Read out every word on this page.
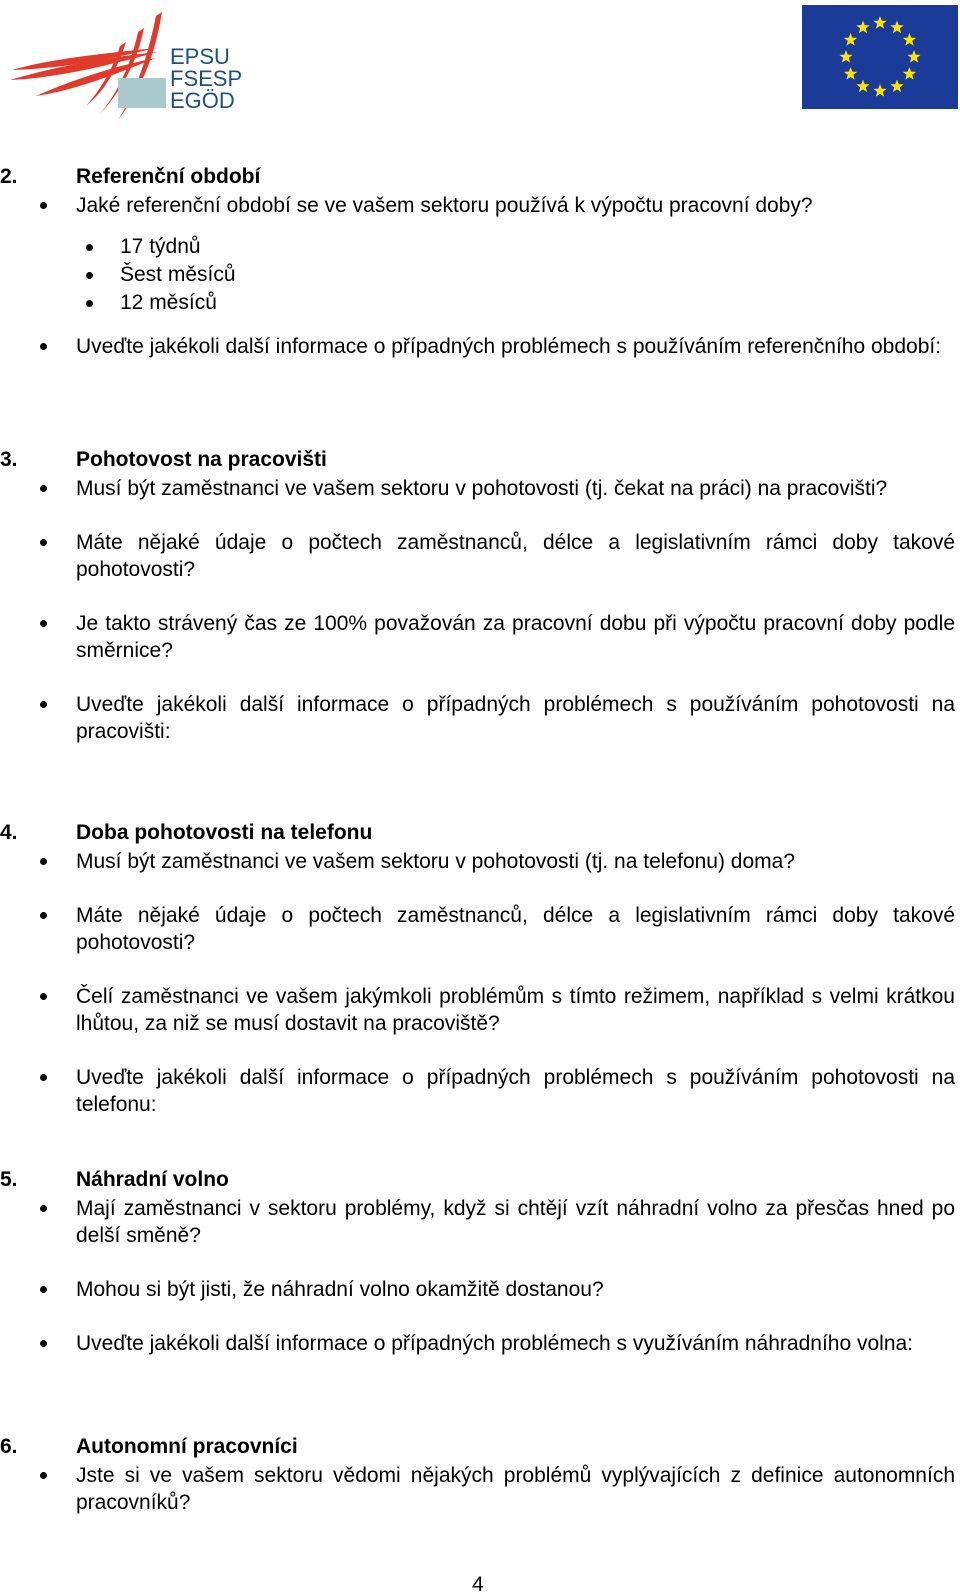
EPSU
FSESP
EGÖD
2.	Referenční období
Jaké referenční období se ve vašem sektoru používá k výpočtu pracovní doby?
17 týdnů
Šest měsíců
12 měsíců
Uveďte jakékoli další informace o případných problémech s používáním referenčního období:
3.	Pohotovost na pracovišti
Musí být zaměstnanci ve vašem sektoru v pohotovosti (tj. čekat na práci) na pracovišti?
Máte nějaké údaje o počtech zaměstnanců, délce a legislativním rámci doby takové pohotovosti?
Je takto strávený čas ze 100% považován za pracovní dobu při výpočtu pracovní doby podle směrnice?
Uveďte jakékoli další informace o případných problémech s používáním pohotovosti na pracovišti:
4.	Doba pohotovosti na telefonu
Musí být zaměstnanci ve vašem sektoru v pohotovosti (tj. na telefonu) doma?
Máte nějaké údaje o počtech zaměstnanců, délce a legislativním rámci doby takové pohotovosti?
Čelí zaměstnanci ve vašem jakýmkoli problémům s tímto režimem, například s velmi krátkou lhůtou, za niž se musí dostavit na pracoviště?
Uveďte jakékoli další informace o případných problémech s používáním pohotovosti na telefonu:
5.	Náhradní volno
Mají zaměstnanci v sektoru problémy, když si chtějí vzít náhradní volno za přesčas hned po delší směně?
Mohou si být jisti, že náhradní volno okamžitě dostanou?
Uveďte jakékoli další informace o případných problémech s využíváním náhradního volna:
6.	Autonomní pracovníci
Jste si ve vašem sektoru vědomi nějakých problémů vyplývajících z definice autonomních pracovníků?
4
